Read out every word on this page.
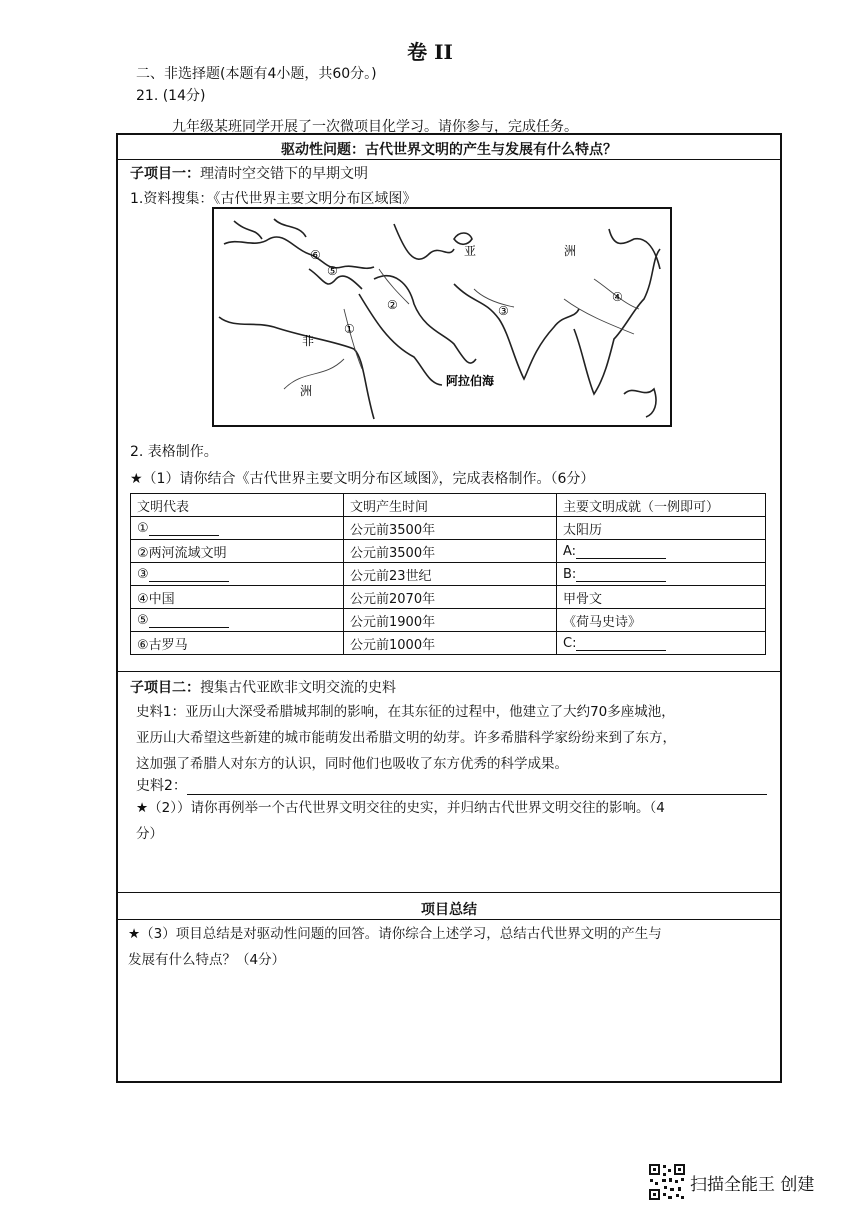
卷 II
二、非选择题(本题有4小题，共60分。)
21. (14分)
九年级某班同学开展了一次微项目化学习。请你参与，完成任务。
驱动性问题：古代世界文明的产生与发展有什么特点？
子项目一：理清时空交错下的早期文明
1.资料搜集：《古代世界主要文明分布区域图》
亚	洲
非
洲
阿拉伯海
①
②	③
④
⑤
⑥
2. 表格制作。
★（1）请你结合《古代世界主要文明分布区域图》，完成表格制作。（6分）
文明代表	文明产生时间	主要文明成就（一例即可）
①	公元前3500年	太阳历
②两河流域文明	公元前3500年	A:
③	公元前23世纪	B:
④中国	公元前2070年	甲骨文
⑤	公元前1900年	《荷马史诗》
⑥古罗马	公元前1000年	C:
子项目二：搜集古代亚欧非文明交流的史料
史料1：亚历山大深受希腊城邦制的影响，在其东征的过程中，他建立了大约70多座城池，
亚历山大希望这些新建的城市能萌发出希腊文明的幼芽。许多希腊科学家纷纷来到了东方，
这加强了希腊人对东方的认识，同时他们也吸收了东方优秀的科学成果。
史料2：
★（2））请你再例举一个古代世界文明交往的史实，并归纳古代世界文明交往的影响。（4
分）
项目总结
★（3）项目总结是对驱动性问题的回答。请你综合上述学习，总结古代世界文明的产生与
发展有什么特点？（4分）
扫描全能王 创建
